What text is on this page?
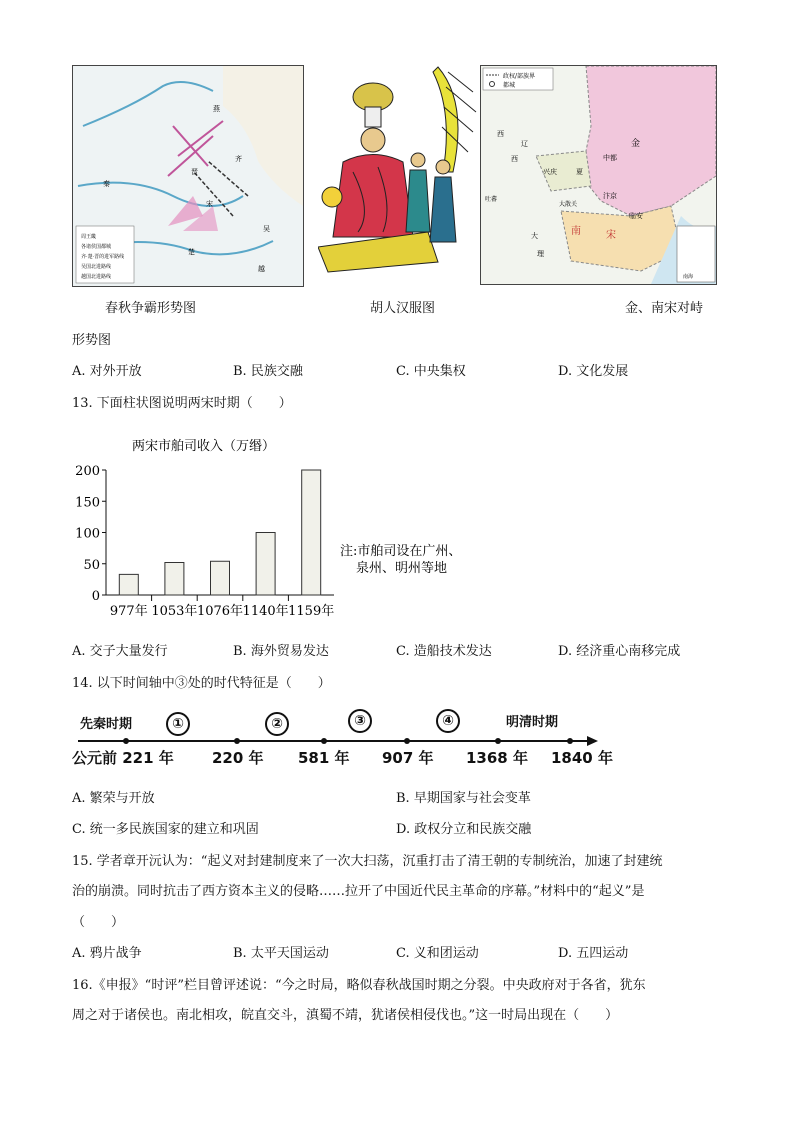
燕
齐
晋
秦
宋
楚
吴
越
周王畿
各诸侯国都城
齐·楚·晋的进军路线
吴国北进路线
越国北进路线
春秋争霸形势图	胡人汉服图
政权/部族界
都城
西
辽	金
中都
兴庆	夏
西
吐蕃
大散关
汴京
临安
南	宋
大
理
南海
金、南宋对峙
形势图
A. 对外开放	B. 民族交融	C. 中央集权	D. 文化发展
13. 下面柱状图说明两宋时期（　　）
两宋市舶司收入（万缗）
0
50
100
150
200
977年 1053年 1076年 1140年 1159年
注:市舶司设在广州、
泉州、明州等地
A. 交子大量发行	B. 海外贸易发达	C. 造船技术发达	D. 经济重心南移完成
14. 以下时间轴中③处的时代特征是（　　）
先秦时期	①	②	③	④	明清时期
公元前 221 年	220 年 581 年 907 年 1368 年 1840 年
A. 繁荣与开放	B. 早期国家与社会变革
C. 统一多民族国家的建立和巩固	D. 政权分立和民族交融
15. 学者章开沅认为：“起义对封建制度来了一次大扫荡，沉重打击了清王朝的专制统治，加速了封建统
治的崩溃。同时抗击了西方资本主义的侵略……拉开了中国近代民主革命的序幕。”材料中的“起义”是
（　　）
A. 鸦片战争	B. 太平天国运动	C. 义和团运动	D. 五四运动
16.《申报》“时评”栏目曾评述说：“今之时局，略似春秋战国时期之分裂。中央政府对于各省，犹东
周之对于诸侯也。南北相攻，皖直交斗，滇蜀不靖，犹诸侯相侵伐也。”这一时局出现在（　　）
